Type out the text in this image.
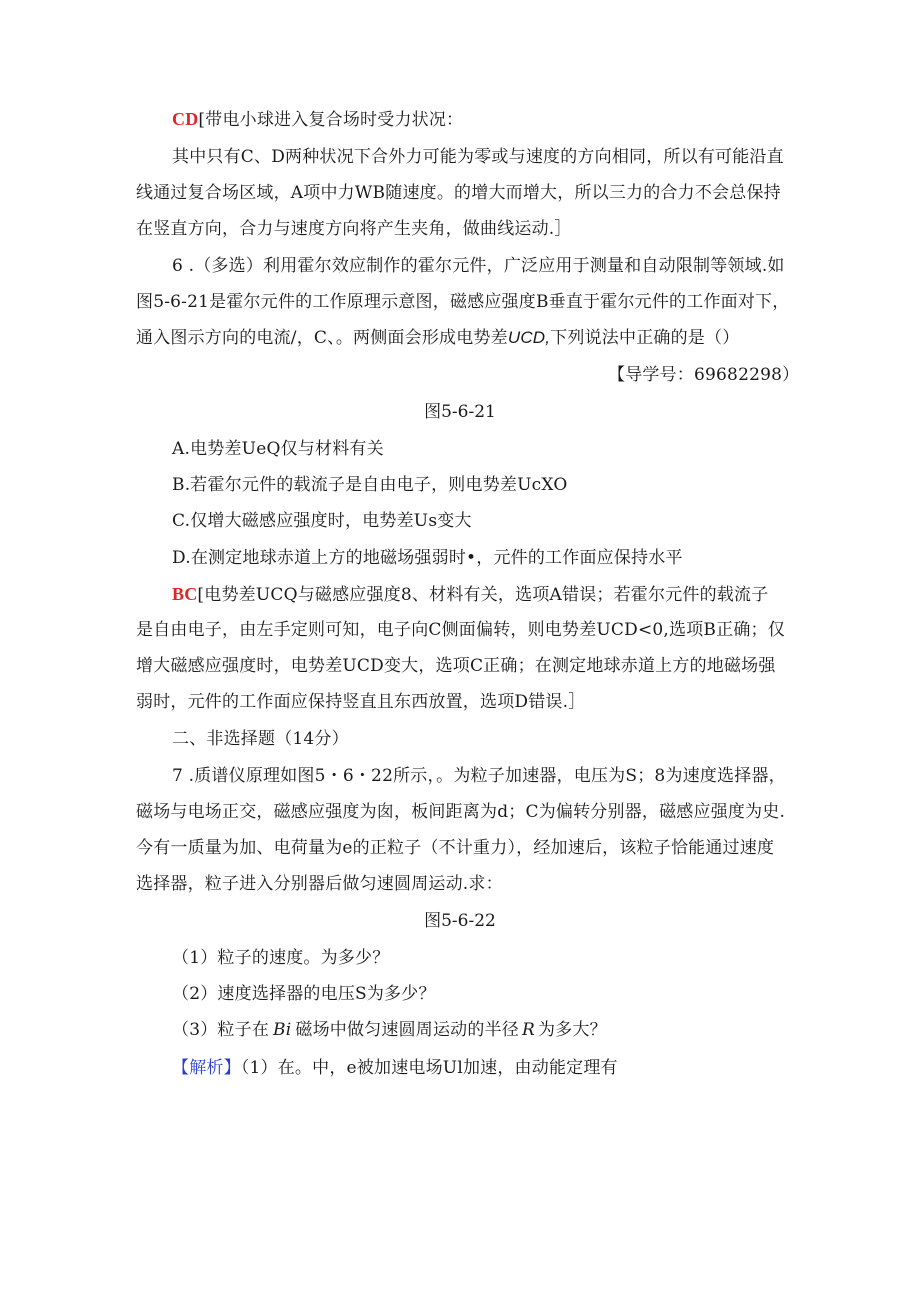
CD[带电小球进入复合场时受力状况：
其中只有C、D两种状况下合外力可能为零或与速度的方向相同，所以有可能沿直
线通过复合场区域，A项中力WB随速度。的增大而增大，所以三力的合力不会总保持
在竖直方向，合力与速度方向将产生夹角，做曲线运动.］
6 .（多选）利用霍尔效应制作的霍尔元件，广泛应用于测量和自动限制等领域.如
图5-6-21是霍尔元件的工作原理示意图，磁感应强度B垂直于霍尔元件的工作面对下，
通入图示方向的电流/，C、。两侧面会形成电势差UCD,下列说法中正确的是（）
【导学号：69682298）
图5-6-21
A.电势差UeQ仅与材料有关
B.若霍尔元件的载流子是自由电子，则电势差UcXO
C.仅增大磁感应强度时，电势差Us变大
D.在测定地球赤道上方的地磁场强弱时•，元件的工作面应保持水平
BC[电势差UCQ与磁感应强度8、材料有关，选项A错误；若霍尔元件的载流子
是自由电子，由左手定则可知，电子向C侧面偏转，则电势差UCD<0,选项B正确；仅
增大磁感应强度时，电势差UCD变大，选项C正确；在测定地球赤道上方的地磁场强
弱时，元件的工作面应保持竖直且东西放置，选项D错误.］
二、非选择题（14分）
7 .质谱仪原理如图5・6・22所示，。为粒子加速器，电压为S；8为速度选择器，
磁场与电场正交，磁感应强度为囱，板间距离为d；C为偏转分别器，磁感应强度为史.
今有一质量为加、电荷量为e的正粒子（不计重力），经加速后，该粒子恰能通过速度
选择器，粒子进入分别器后做匀速圆周运动.求：
图5-6-22
（1）粒子的速度。为多少？
（2）速度选择器的电压S为多少？
（3）粒子在 Bi 磁场中做匀速圆周运动的半径 R 为多大？
【解析】（1）在。中，e被加速电场Ul加速，由动能定理有
